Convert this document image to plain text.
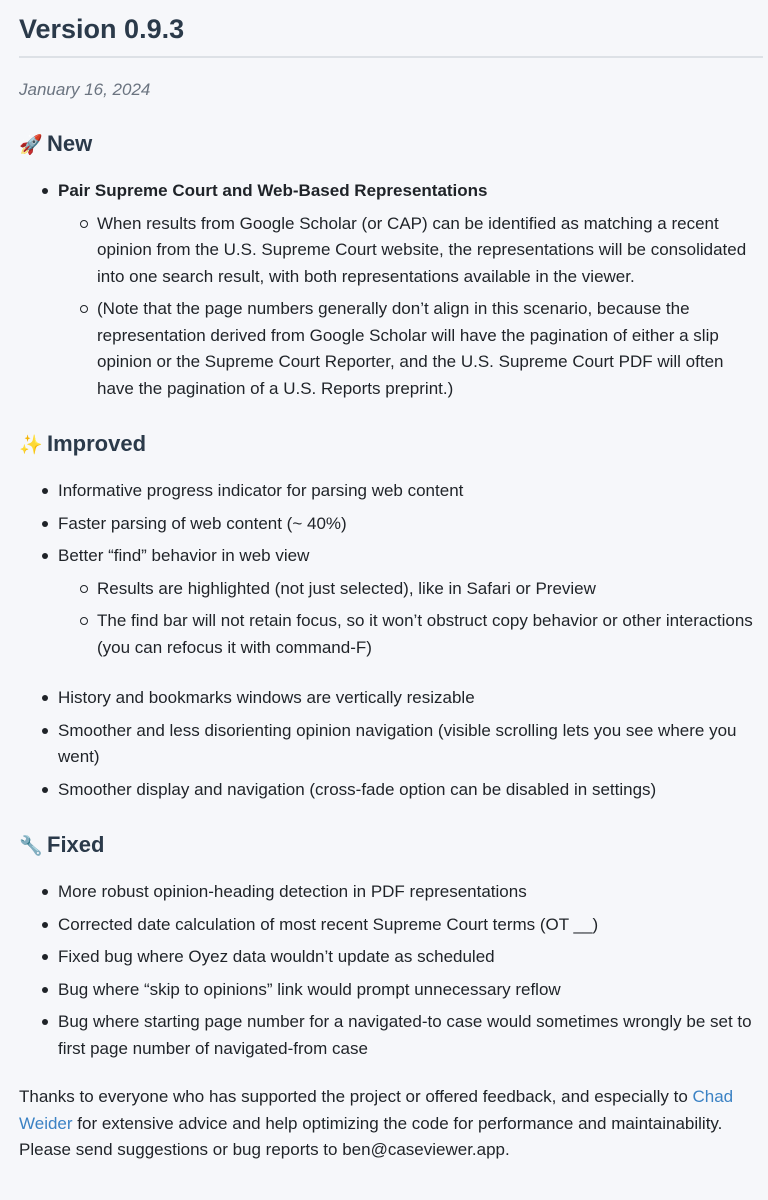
Version 0.9.3
January 16, 2024
🚀 New
Pair Supreme Court and Web-Based Representations
When results from Google Scholar (or CAP) can be identified as matching a recent opinion from the U.S. Supreme Court website, the representations will be consolidated into one search result, with both representations available in the viewer.
(Note that the page numbers generally don’t align in this scenario, because the representation derived from Google Scholar will have the pagination of either a slip opinion or the Supreme Court Reporter, and the U.S. Supreme Court PDF will often have the pagination of a U.S. Reports preprint.)
✨ Improved
Informative progress indicator for parsing web content
Faster parsing of web content (~ 40%)
Better “find” behavior in web view
Results are highlighted (not just selected), like in Safari or Preview
The find bar will not retain focus, so it won’t obstruct copy behavior or other interactions (you can refocus it with command-F)
History and bookmarks windows are vertically resizable
Smoother and less disorienting opinion navigation (visible scrolling lets you see where you went)
Smoother display and navigation (cross-fade option can be disabled in settings)
🔧 Fixed
More robust opinion-heading detection in PDF representations
Corrected date calculation of most recent Supreme Court terms (OT __)
Fixed bug where Oyez data wouldn’t update as scheduled
Bug where “skip to opinions” link would prompt unnecessary reflow
Bug where starting page number for a navigated-to case would sometimes wrongly be set to first page number of navigated-from case

Thanks to everyone who has supported the project or offered feedback, and especially to Chad Weider for extensive advice and help optimizing the code for performance and maintainability. Please send suggestions or bug reports to ben@caseviewer.app.
